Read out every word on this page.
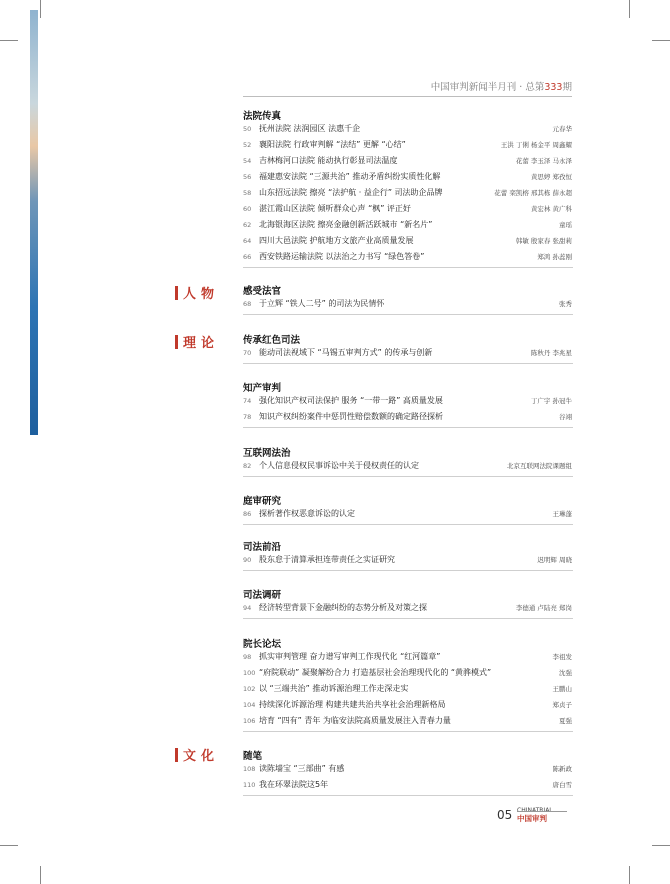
中国审判新闻半月刊 · 总第333期
人物
理论
文化
法院传真
50 抚州法院 法润园区 法惠千企	元春华
52 襄阳法院 行政审判解 “法结” 更解 “心结”	王洪 丁俐 杨金平 周鑫耀
54 吉林梅河口法院 能动执行彰显司法温度	花蕾 李玉泽 马永泽
56 福建惠安法院 “三源共治” 推动矛盾纠纷实质性化解	黄思婷 郑孜恒
58 山东招远法院 擦亮 “法护航 · 益企行” 司法助企品牌	花蕾 栾凯榕 邢其栋 薛永超
60 湛江霞山区法院 倾听群众心声 “枫” 评正好	黄宏林 黄广科
62 北海银海区法院 擦亮金融创新活跃城市 “新名片”	童瑶
64 四川大邑法院 护航地方文旅产业高质量发展	韩敏 殷家春 张甜莉
66 西安铁路运输法院 以法治之力书写 “绿色答卷”	郑鸿 孙蕊刚
感受法官
68 于立辉 “铁人二号” 的司法为民情怀	张秀
传承红色司法
70 能动司法视域下 “马锡五审判方式” 的传承与创新	陈秋丹 李兆星
知产审判
74 强化知识产权司法保护 服务 “一带一路” 高质量发展	丁广宇 孙冠牛
78 知识产权纠纷案件中惩罚性赔偿数额的确定路径探析	谷翊
互联网法治
82 个人信息侵权民事诉讼中关于侵权责任的认定	北京互联网法院课题组
庭审研究
86 探析著作权恶意诉讼的认定	王琳蓬
司法前沿
90 股东怠于清算承担连带责任之实证研究	迟明辉 周晓
司法调研
94 经济转型背景下金融纠纷的态势分析及对策之探	李德通 卢陆亮 郑岗
院长论坛
98 抓实审判管理 奋力谱写审判工作现代化 “红河篇章”	李祖发
100 “府院联动” 凝聚解纷合力 打造基层社会治理现代化的 “黄骅模式”	沈强
102 以 “三端共治” 推动诉源治理工作走深走实	王鹏山
104 持续深化诉源治理 构建共建共治共享社会治理新格局	郑贞子
106 培育 “四有” 青年 为临安法院高质量发展注入青春力量	夏强
随笔
108 读陈墙宝 “三部曲” 有感	陈新政
110 我在环翠法院这5年	唐白雪
05 CHINATRIAL
中国审判
